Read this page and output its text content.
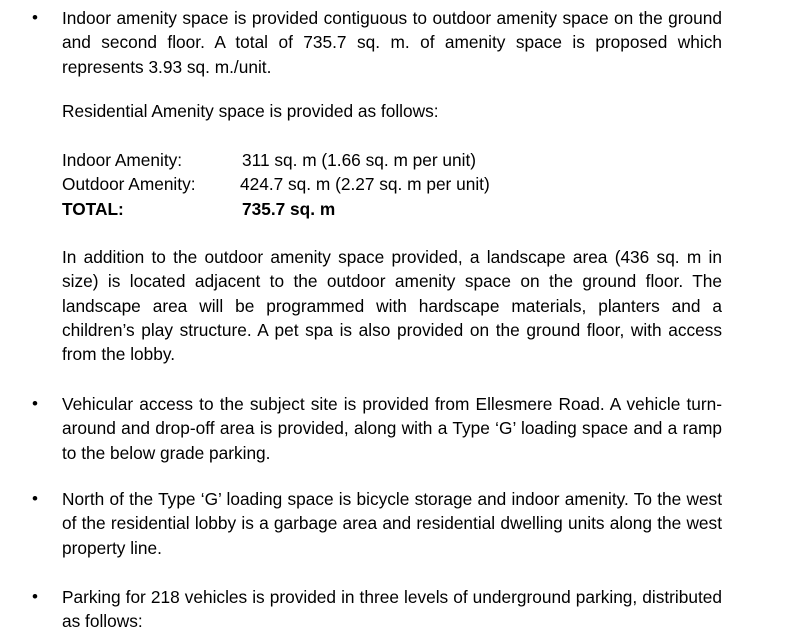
• Indoor amenity space is provided contiguous to outdoor amenity space on the ground and second floor. A total of 735.7 sq. m. of amenity space is proposed which represents 3.93 sq. m./unit.

Residential Amenity space is provided as follows:

Indoor Amenity:	311 sq. m (1.66 sq. m per unit)
Outdoor Amenity:	424.7 sq. m (2.27 sq. m per unit)
TOTAL:	735.7 sq. m

In addition to the outdoor amenity space provided, a landscape area (436 sq. m in size) is located adjacent to the outdoor amenity space on the ground floor. The landscape area will be programmed with hardscape materials, planters and a children’s play structure. A pet spa is also provided on the ground floor, with access from the lobby.

• Vehicular access to the subject site is provided from Ellesmere Road. A vehicle turn-around and drop-off area is provided, along with a Type ‘G’ loading space and a ramp to the below grade parking.

• North of the Type ‘G’ loading space is bicycle storage and indoor amenity. To the west of the residential lobby is a garbage area and residential dwelling units along the west property line.

• Parking for 218 vehicles is provided in three levels of underground parking, distributed as follows:
